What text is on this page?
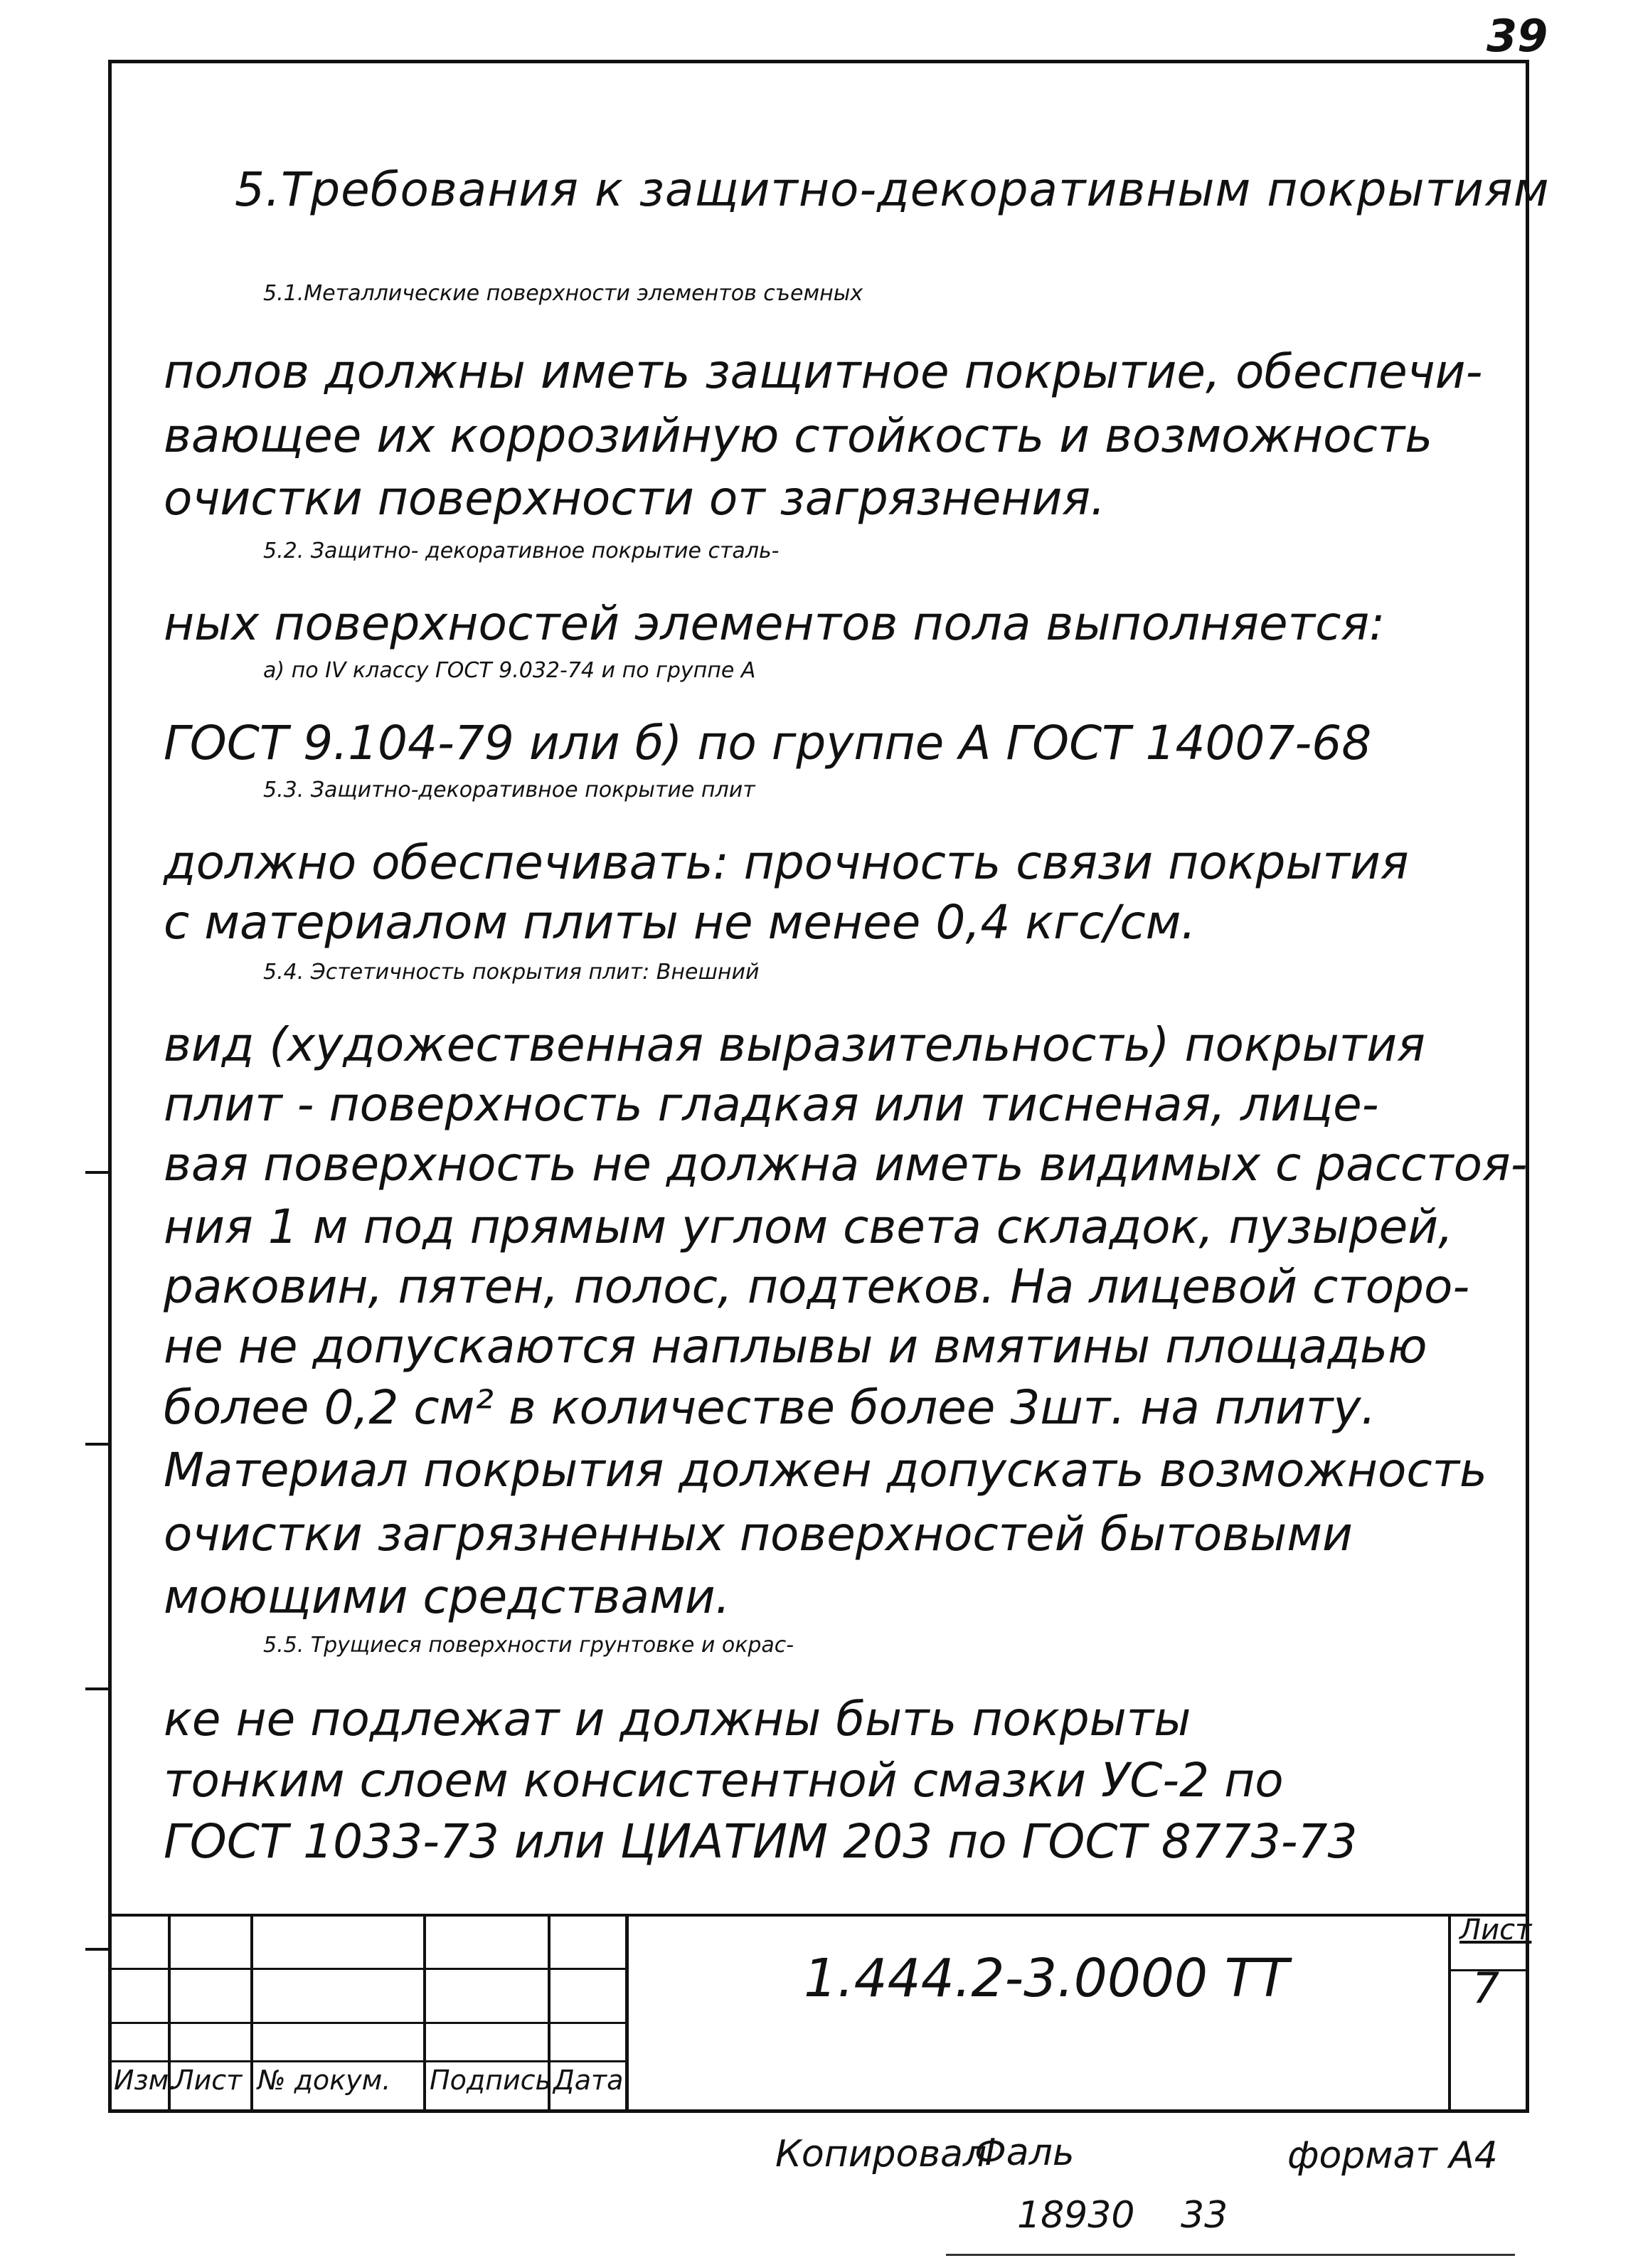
39
5.Требования к защитно-декоративным покрытиям
5.1.Металлические поверхности элементов съемных
полов должны иметь защитное покрытие, обеспечи-
вающее их коррозийную стойкость и возможность
очистки поверхности от загрязнения.
5.2. Защитно- декоративное покрытие сталь-
ных поверхностей элементов пола выполняется:
а) по IV классу ГОСТ 9.032-74 и по группе А
ГОСТ 9.104-79 или б) по группе А ГОСТ 14007-68
5.3. Защитно-декоративное покрытие плит
должно обеспечивать: прочность связи покрытия
с материалом плиты не менее 0,4 кгс/см.
5.4. Эстетичность покрытия плит: Внешний
вид (художественная выразительность) покрытия
плит - поверхность гладкая или тисненая, лице-
вая поверхность не должна иметь видимых с расстоя-
ния 1 м под прямым углом света складок, пузырей,
раковин, пятен, полос, подтеков. На лицевой сторо-
не не допускаются наплывы и вмятины площадью
более 0,2 см² в количестве более 3шт. на плиту.
Материал покрытия должен допускать возможность
очистки загрязненных поверхностей бытовыми
моющими средствами.
5.5. Трущиеся поверхности грунтовке и окрас-
ке не подлежат и должны быть покрыты
тонким слоем консистентной смазки УС-2 по
ГОСТ 1033-73 или ЦИАТИМ 203 по ГОСТ 8773-73
1.444.2-3.0000 ТТ
Лист
7
Изм.
Лист № докум. Подпись Дата
Копировал
Фаль	формат А4
18930 33
